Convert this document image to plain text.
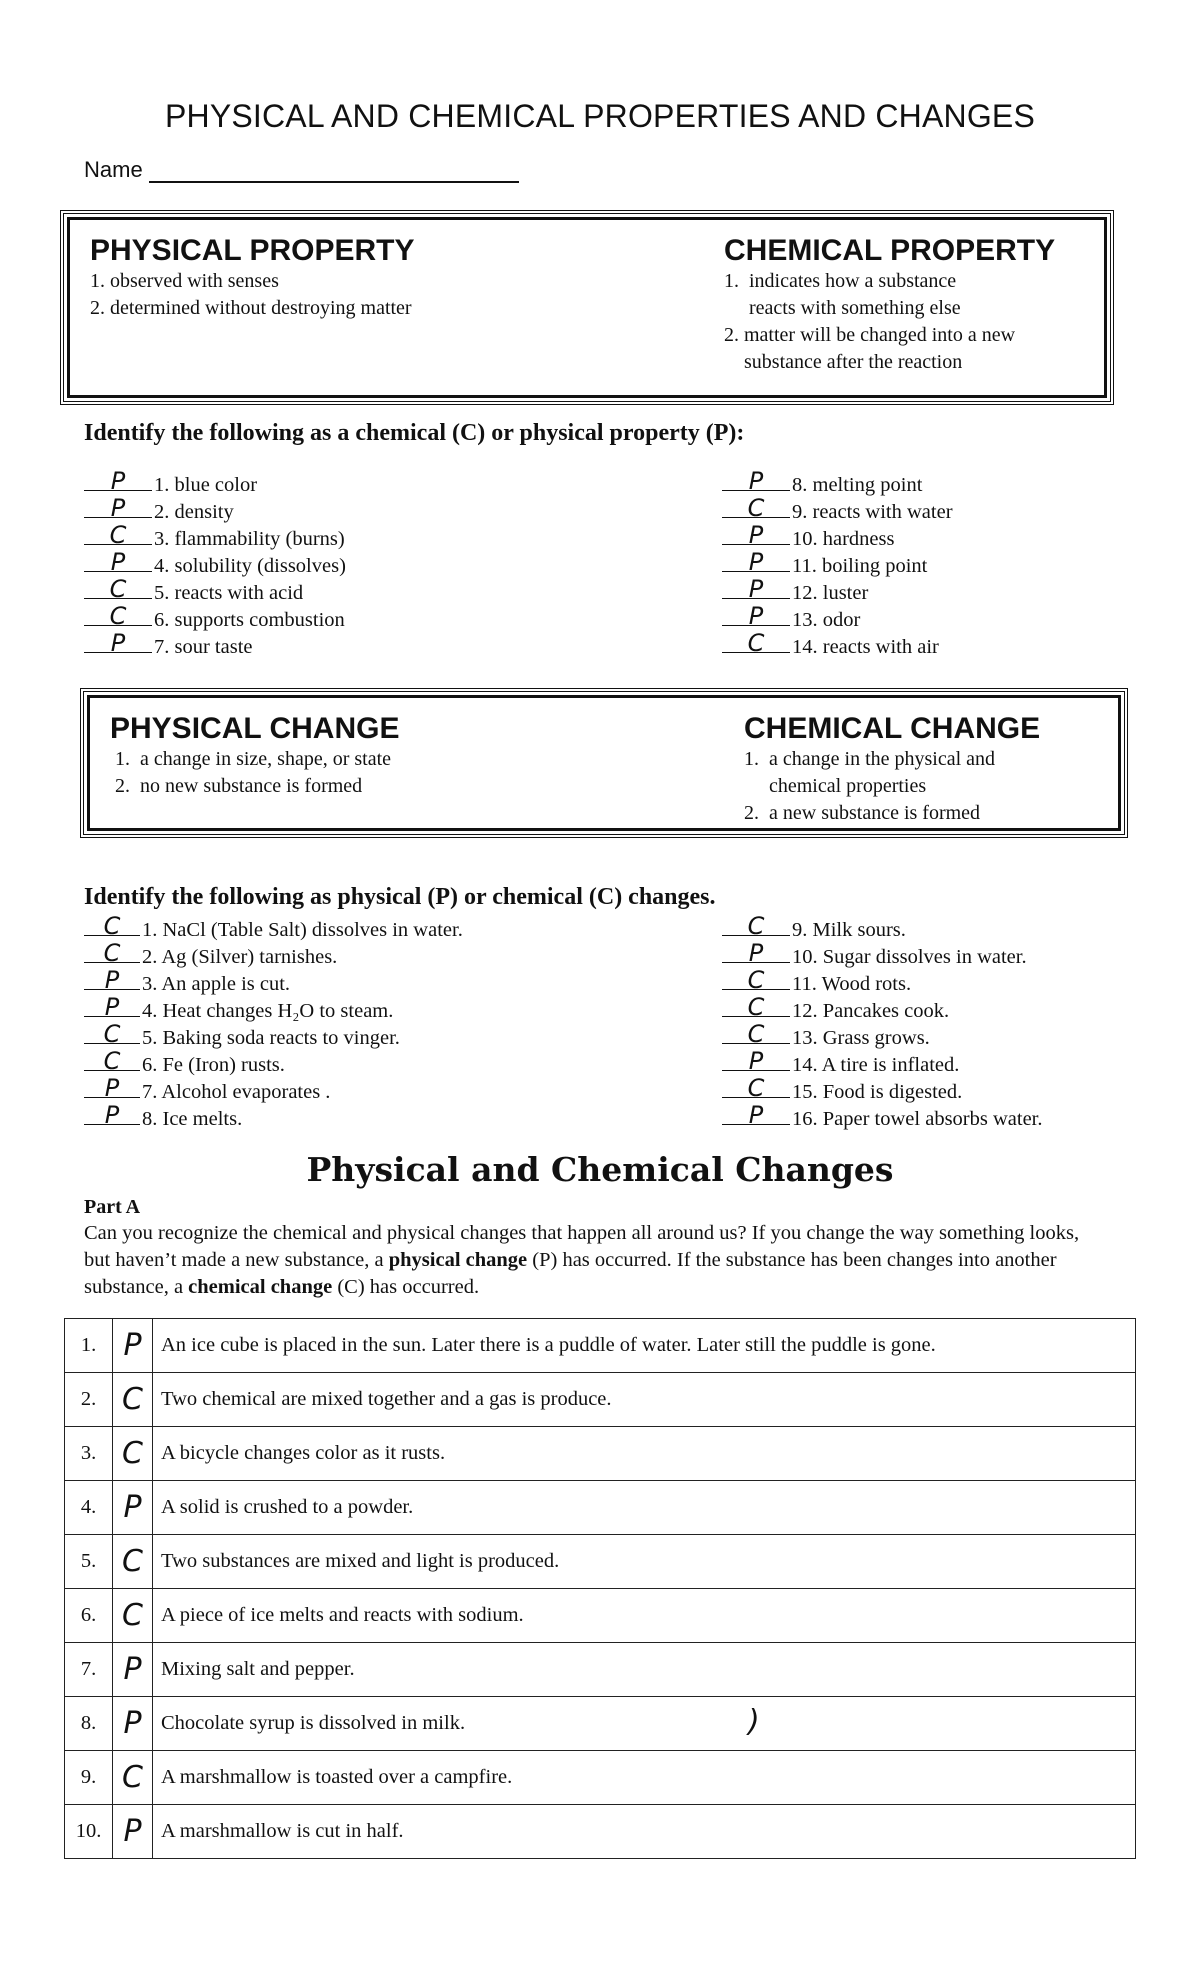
PHYSICAL AND CHEMICAL PROPERTIES AND CHANGES
Name

PHYSICAL PROPERTY

1. observed with senses

2. determined without destroying matter

CHEMICAL PROPERTY

1.  indicates how a substance

reacts with something else

2. matter will be changed into a new

substance after the reaction

Identify the following as a chemical (C) or physical property (P):
P 1. blue color
P 2. density
C 3. flammability (burns)
P 4. solubility (dissolves)
C 5. reacts with acid
C 6. supports combustion
P 7. sour taste
P 8. melting point
C 9. reacts with water
P 10. hardness
P 11. boiling point
P 12. luster
P 13. odor
C 14. reacts with air

PHYSICAL CHANGE

1.  a change in size, shape, or state

2.  no new substance is formed

CHEMICAL CHANGE

1.  a change in the physical and

chemical properties

2.  a new substance is formed

Identify the following as physical (P) or chemical (C) changes.
C 1. NaCl (Table Salt) dissolves in water.
C 2. Ag (Silver) tarnishes.
P 3. An apple is cut.
P 4. Heat changes H₂O to steam.
C 5. Baking soda reacts to vinger.
C 6. Fe (Iron) rusts.
P 7. Alcohol evaporates .
P 8. Ice melts.
C 9. Milk sours.
P 10. Sugar dissolves in water.
C 11. Wood rots.
C 12. Pancakes cook.
C 13. Grass grows.
P 14. A tire is inflated.
C 15. Food is digested.
P 16. Paper towel absorbs water.
Physical and Chemical Changes
Part A

Can you recognize the chemical and physical changes that happen all around us? If you change the way something looks, but haven’t made a new substance, a physical change (P) has occurred. If the substance has been changes into another substance, a chemical change (C) has occurred.

1.	P	An ice cube is placed in the sun. Later there is a puddle of water. Later still the puddle is gone.
2.	C	Two chemical are mixed together and a gas is produce.
3.	C	A bicycle changes color as it rusts.
4.	P	A solid is crushed to a powder.
5.	C	Two substances are mixed and light is produced.
6.	C	A piece of ice melts and reacts with sodium.
7.	P	Mixing salt and pepper.
8.	P	Chocolate syrup is dissolved in milk.
9.	C	A marshmallow is toasted over a campfire.
10.	P	A marshmallow is cut in half.
)
